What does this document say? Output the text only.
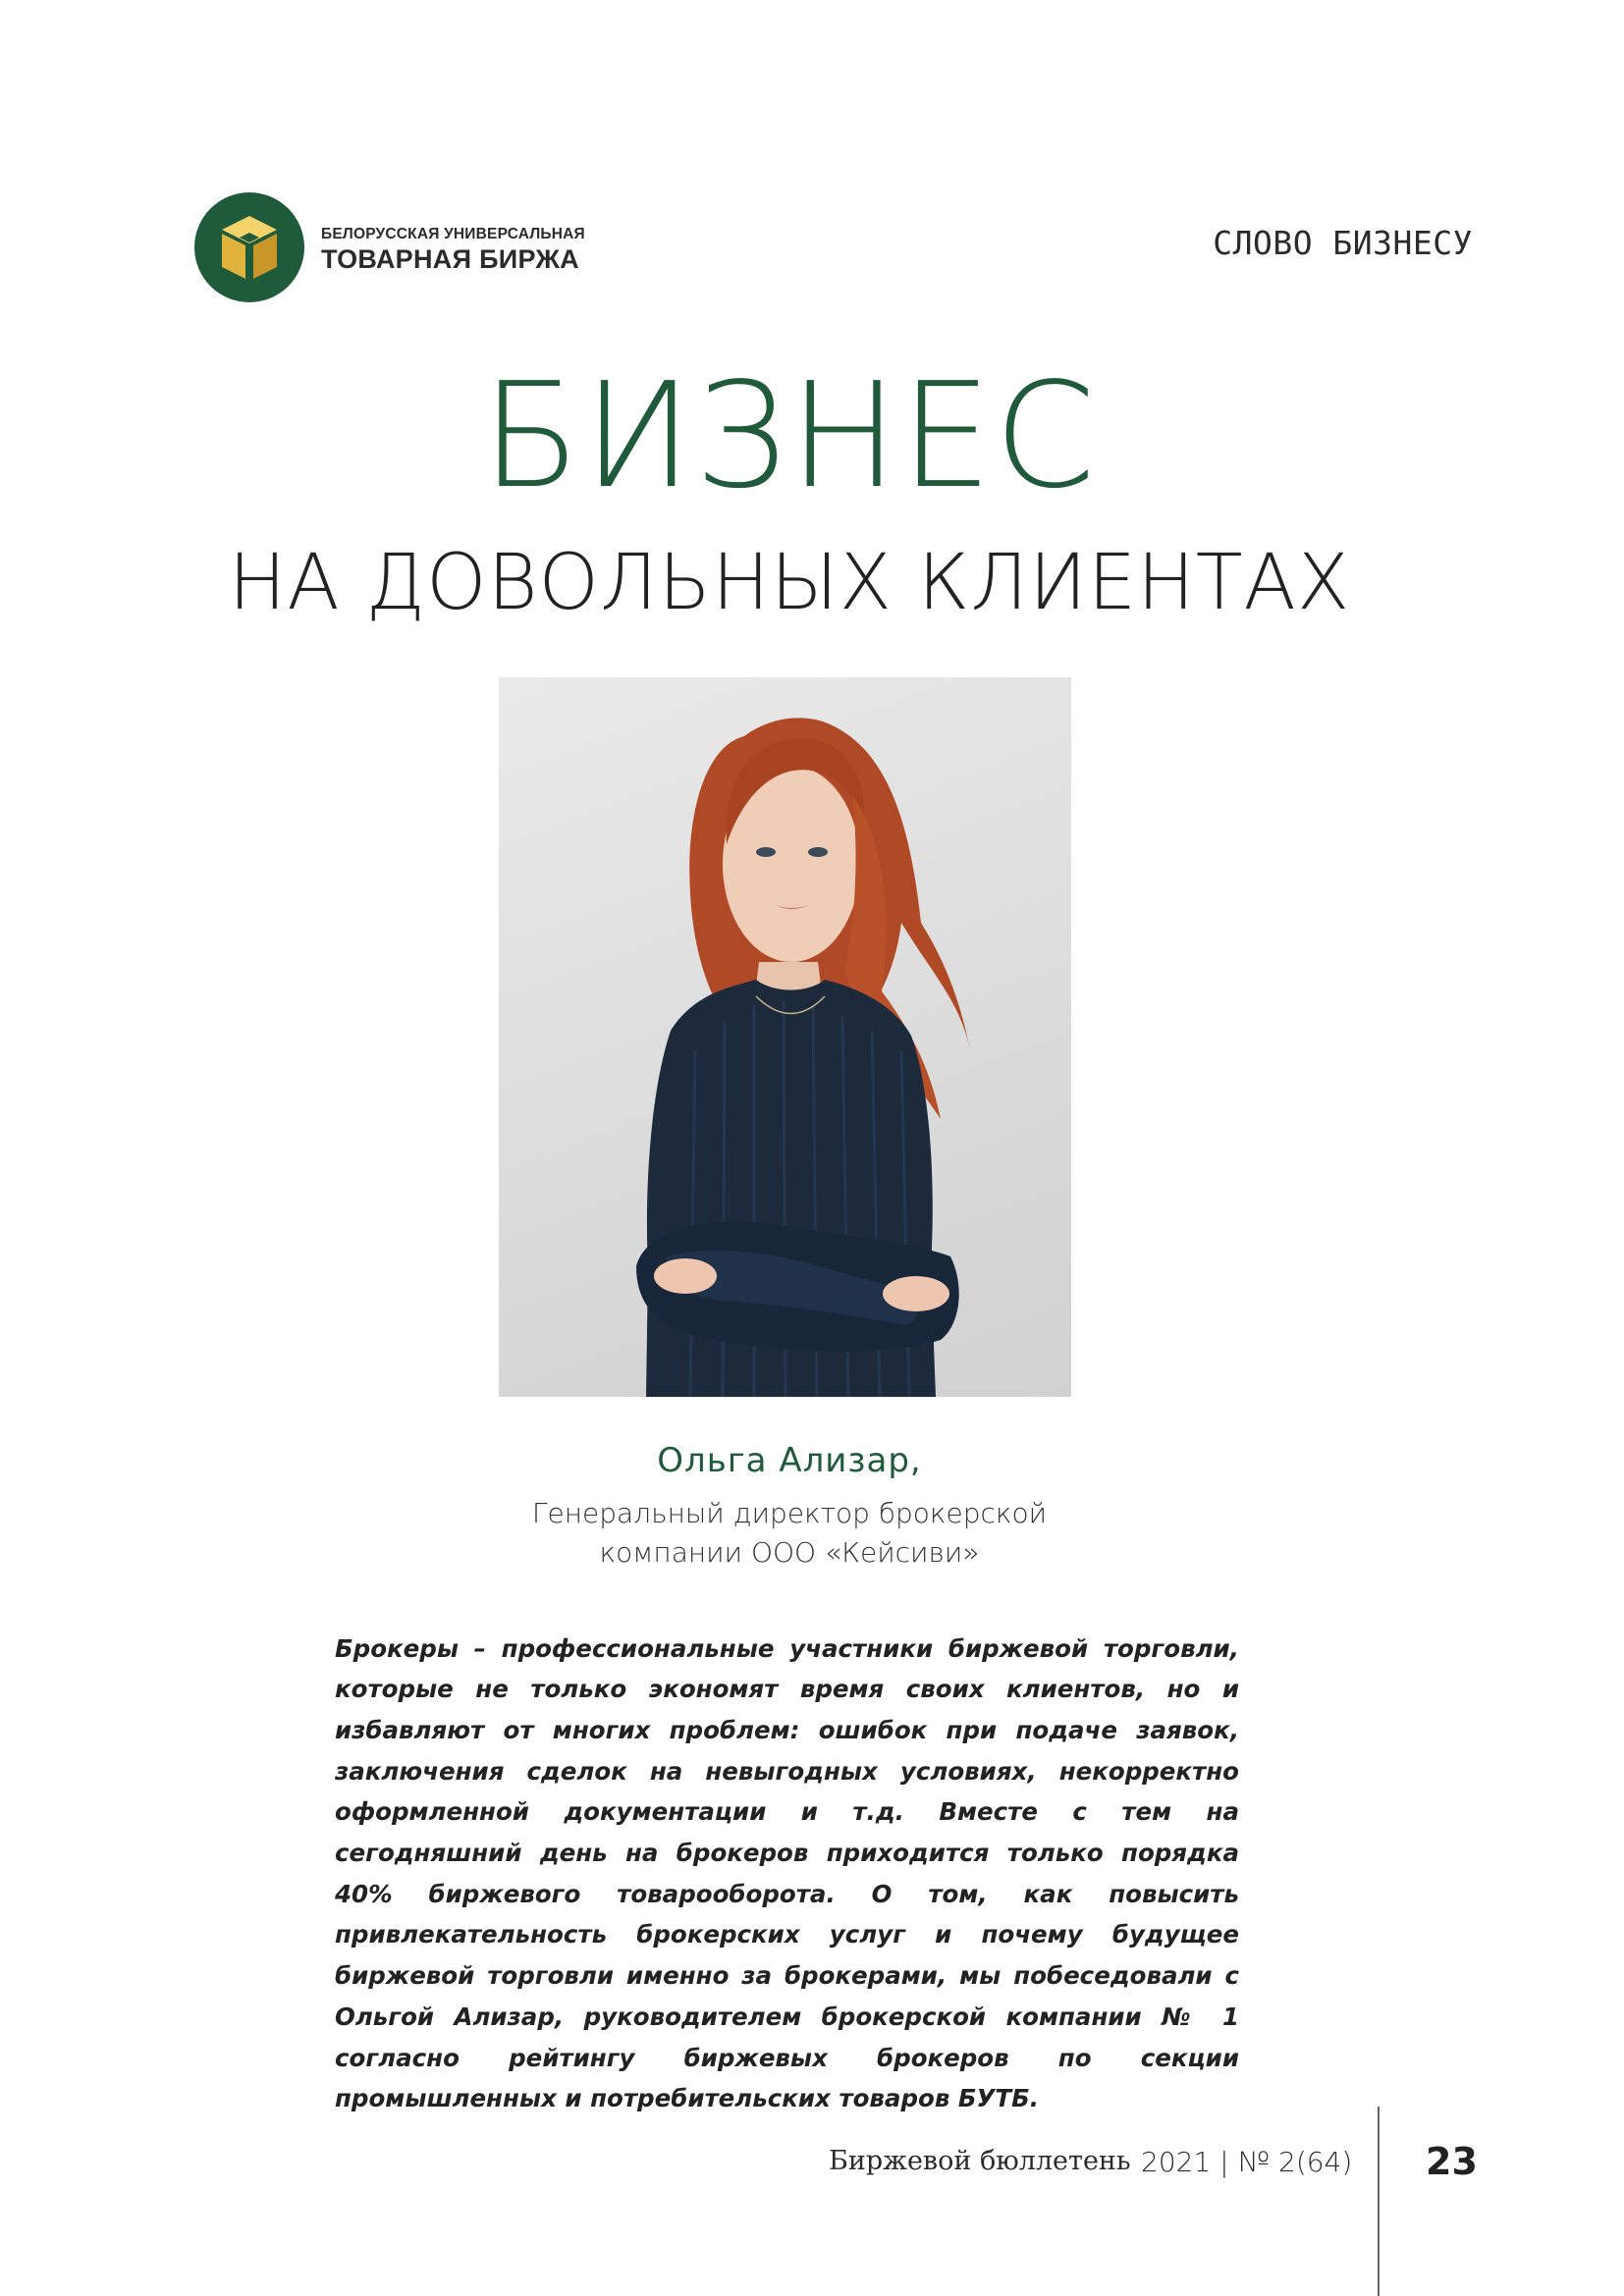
БЕЛОРУССКАЯ УНИВЕРСАЛЬНАЯ
ТОВАРНАЯ БИРЖА	СЛОВО БИЗНЕСУ
БИЗНЕС
НА ДОВОЛЬНЫХ КЛИЕНТАХ
Ольга Ализар,
Генеральный директор брокерской
компании ООО «Кейсиви»

Брокеры – профессиональные участники биржевой торговли, которые не только экономят время своих клиентов, но и избавляют от многих проблем: ошибок при подаче заявок, заключения сделок на невыгодных условиях, некорректно оформленной документации и т.д. Вместе с тем на сегодняшний день на брокеров приходится только порядка 40% биржевого товарооборота. О том, как повысить привлекательность брокерских услуг и почему будущее биржевой торговли именно за брокерами, мы побеседовали с Ольгой Ализар, руководителем брокерской компании № 1 согласно рейтингу биржевых брокеров по секции промышленных и потребительских товаров БУТБ.

Биржевой бюллетень 2021 | № 2(64) 23
